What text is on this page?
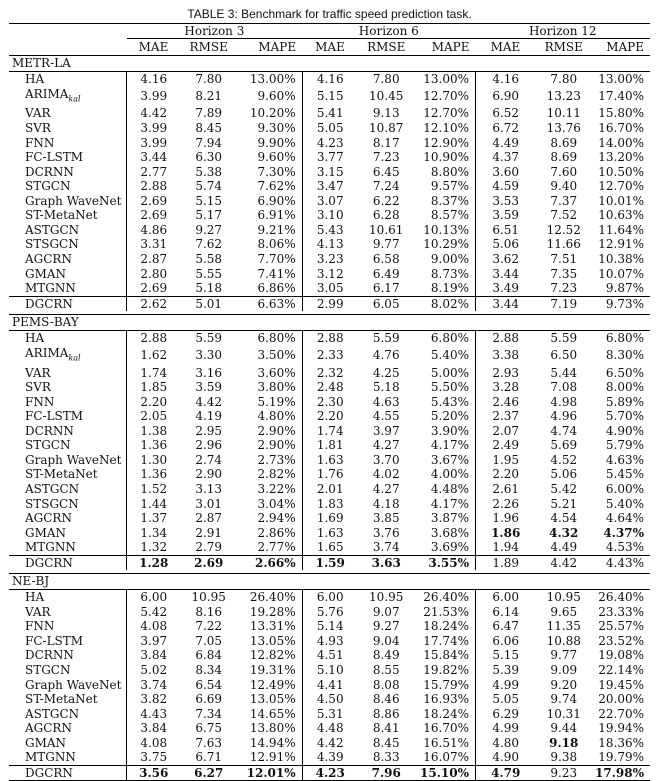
TABLE 3: Benchmark for traffic speed prediction task.
	Horizon 3			Horizon 6			Horizon 12		
	MAE	RMSE	MAPE	MAE	RMSE	MAPE	MAE	RMSE	MAPE
METR-LA									
HA	4.16	7.80	13.00%	4.16	7.80	13.00%	4.16	7.80	13.00%
$ARIMA_{kal}$	3.99	8.21	9.60%	5.15	10.45	12.70%	6.90	13.23	17.40%
VAR	4.42	7.89	10.20%	5.41	9.13	12.70%	6.52	10.11	15.80%
SVR	3.99	8.45	9.30%	5.05	10.87	12.10%	6.72	13.76	16.70%
FNN	3.99	7.94	9.90%	4.23	8.17	12.90%	4.49	8.69	14.00%
FC-LSTM	3.44	6.30	9.60%	3.77	7.23	10.90%	4.37	8.69	13.20%
DCRNN	2.77	5.38	7.30%	3.15	6.45	8.80%	3.60	7.60	10.50%
STGCN	2.88	5.74	7.62%	3.47	7.24	9.57%	4.59	9.40	12.70%
Graph WaveNet	2.69	5.15	6.90%	3.07	6.22	8.37%	3.53	7.37	10.01%
ST-MetaNet	2.69	5.17	6.91%	3.10	6.28	8.57%	3.59	7.52	10.63%
ASTGCN	4.86	9.27	9.21%	5.43	10.61	10.13%	6.51	12.52	11.64%
STSGCN	3.31	7.62	8.06%	4.13	9.77	10.29%	5.06	11.66	12.91%
AGCRN	2.87	5.58	7.70%	3.23	6.58	9.00%	3.62	7.51	10.38%
GMAN	2.80	5.55	7.41%	3.12	6.49	8.73%	3.44	7.35	10.07%
MTGNN	2.69	5.18	6.86%	3.05	6.17	8.19%	3.49	7.23	9.87%
DGCRN	2.62	5.01	6.63%	2.99	6.05	8.02%	3.44	7.19	9.73%

PEMS-BAY									
HA	2.88	5.59	6.80%	2.88	5.59	6.80%	2.88	5.59	6.80%
$ARIMA_{kal}$	1.62	3.30	3.50%	2.33	4.76	5.40%	3.38	6.50	8.30%
VAR	1.74	3.16	3.60%	2.32	4.25	5.00%	2.93	5.44	6.50%
SVR	1.85	3.59	3.80%	2.48	5.18	5.50%	3.28	7.08	8.00%
FNN	2.20	4.42	5.19%	2.30	4.63	5.43%	2.46	4.98	5.89%
FC-LSTM	2.05	4.19	4.80%	2.20	4.55	5.20%	2.37	4.96	5.70%
DCRNN	1.38	2.95	2.90%	1.74	3.97	3.90%	2.07	4.74	4.90%
STGCN	1.36	2.96	2.90%	1.81	4.27	4.17%	2.49	5.69	5.79%
Graph WaveNet	1.30	2.74	2.73%	1.63	3.70	3.67%	1.95	4.52	4.63%
ST-MetaNet	1.36	2.90	2.82%	1.76	4.02	4.00%	2.20	5.06	5.45%
ASTGCN	1.52	3.13	3.22%	2.01	4.27	4.48%	2.61	5.42	6.00%
STSGCN	1.44	3.01	3.04%	1.83	4.18	4.17%	2.26	5.21	5.40%
AGCRN	1.37	2.87	2.94%	1.69	3.85	3.87%	1.96	4.54	4.64%
GMAN	1.34	2.91	2.86%	1.63	3.76	3.68%	1.86	4.32	4.37%
MTGNN	1.32	2.79	2.77%	1.65	3.74	3.69%	1.94	4.49	4.53%
DGCRN	1.28	2.69	2.66%	1.59	3.63	3.55%	1.89	4.42	4.43%

NE-BJ									
HA	6.00	10.95	26.40%	6.00	10.95	26.40%	6.00	10.95	26.40%
VAR	5.42	8.16	19.28%	5.76	9.07	21.53%	6.14	9.65	23.33%
FNN	4.08	7.22	13.31%	5.14	9.27	18.24%	6.47	11.35	25.57%
FC-LSTM	3.97	7.05	13.05%	4.93	9.04	17.74%	6.06	10.88	23.52%
DCRNN	3.84	6.84	12.82%	4.51	8.49	15.84%	5.15	9.77	19.08%
STGCN	5.02	8.34	19.31%	5.10	8.55	19.82%	5.39	9.09	22.14%
Graph WaveNet	3.74	6.54	12.49%	4.41	8.08	15.79%	4.99	9.20	19.45%
ST-MetaNet	3.82	6.69	13.05%	4.50	8.46	16.93%	5.05	9.74	20.00%
ASTGCN	4.43	7.34	14.65%	5.31	8.86	18.24%	6.29	10.31	22.70%
AGCRN	3.84	6.75	13.80%	4.48	8.41	16.70%	4.99	9.44	19.94%
GMAN	4.08	7.63	14.94%	4.42	8.45	16.51%	4.80	9.18	18.36%
MTGNN	3.75	6.71	12.91%	4.39	8.33	16.07%	4.90	9.38	19.79%
DGCRN	3.56	6.27	12.01%	4.23	7.96	15.10%	4.79	9.23	17.98%
